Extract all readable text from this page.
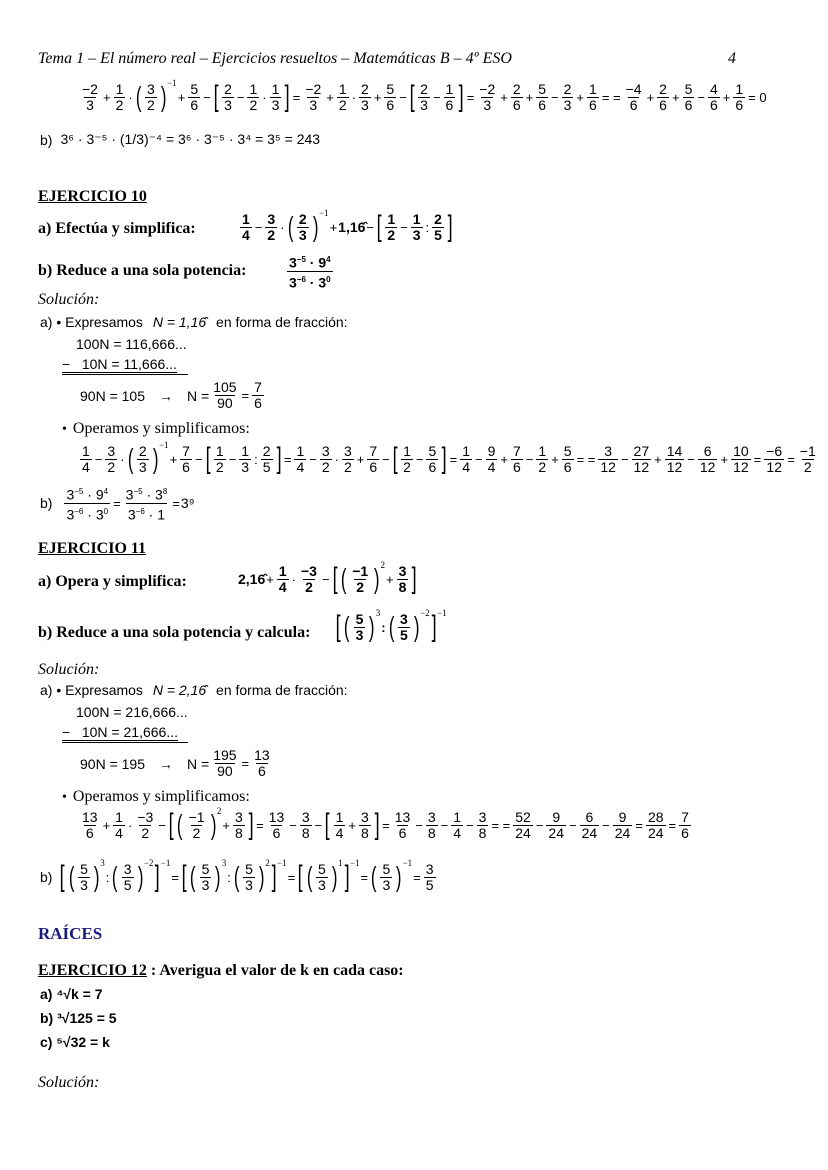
Tema 1 – El número real – Ejercicios resueltos – Matemáticas B – 4º ESO	4
−2
$3 + \frac{1}{2}$ · ( 3
2 ) −1
+ $\frac{5}{6}$ − [ 2
$3 - \frac{1}{2}$ ·
1
3 ] = $\frac{-2}{3} + \frac{1}{2}$ ·
2
$3 + \frac{5}{6}$ − [ 2
$3 - \frac{1}{6}$ ] = $\frac{-2}{3} + \frac{2}{6} + \frac{5}{6} - \frac{2}{3} + \frac{1}{6}$ = = $\frac{-4}{6} + \frac{2}{6} + \frac{5}{6} - \frac{4}{6} + \frac{1}{6} = 0$
b) 3⁶ · 3⁻⁵ · (1/3)⁻⁴ = 3⁶ · 3⁻⁵ · 3⁴ = 3⁵ = 243
EJERCICIO 10
a) Efectúa y simplifica:
1
$4 - \frac{3}{2}$ · ( 2
3 ) −1
+ 1,16̂ − [ 1
$2 - \frac{1}{3}$ :
2
5 ]
b) Reduce a una sola potencia:	$3^{-5} \cdot 9^4$
$3^{-6} \cdot 3^0$
Solución:
a) • Expresamos N = 1,16̂ en forma de fracción:
100N = 116,666...
− 10N = 11,666...
$90N = 105 \to N = \frac{105}{90} = \frac{7}{6}$
• Operamos y simplificamos:
1
$4 - \frac{3}{2}$ · ( 2
3 ) −1
+ $\frac{7}{6}$ − [ 1
$2 - \frac{1}{3}$ :
2
5 ] = $\frac{1}{4} - \frac{3}{2}$ ·
3
$2 + \frac{7}{6}$ − [ 1
$2 - \frac{5}{6}$ ] = $\frac{1}{4} - \frac{9}{4} + \frac{7}{6} - \frac{1}{2} + \frac{5}{6}$ = = $\frac{3}{12} - \frac{27}{12} + \frac{14}{12} - \frac{6}{12} + \frac{10}{12} = \frac{-6}{12} = \frac{-1}{2}$
$b) \frac{3^{-5} \cdot 9^4}{3^{-6} \cdot 3^0} = \frac{3^{-5} \cdot 3^8}{3^{-6} \cdot 1} = 3^9$
EJERCICIO 11
a) Opera y simplifica:	2,16̂ + $\frac{1}{4}$ ·
−3
2 − [ ( −1
2 ) 2
+ $\frac{3}{8}$ ]
b) Reduce a una sola potencia y calcula: [ ( 5
3 ) 3
: ( 3
5 ) −2 ] −1
Solución:
a) • Expresamos N = 2,16̂ en forma de fracción:
100N = 216,666...
− 10N = 21,666...
$90N = 195 \to N = \frac{195}{90} = \frac{13}{6}$
• Operamos y simplificamos:
13
$6 + \frac{1}{4}$ ·
−3
2 − [ ( −1
2 ) 2
+ $\frac{3}{8}$ ] = $\frac{13}{6} - \frac{3}{8}$ − [ 1
$4 + \frac{3}{8}$ ] = $\frac{13}{6} - \frac{3}{8} - \frac{1}{4} - \frac{3}{8}$ = = $\frac{52}{24} - \frac{9}{24} - \frac{6}{24} - \frac{9}{24} = \frac{28}{24} = \frac{7}{6}$
b) [ ( 5
3 ) 3
: ( 3
5 ) −2 ] −1
= [ ( 5
3 ) 3
: ( 5
3 ) 2 ] −1
= [ ( 5
3 ) 1 ] −1
= ( 5
3 ) −1
= $\frac{3}{5}$
RAÍCES
EJERCICIO 12 : Averigua el valor de k en cada caso:
a) ⁴√k = 7
b) ³√125 = 5
c) ⁵√32 = k
Solución:
